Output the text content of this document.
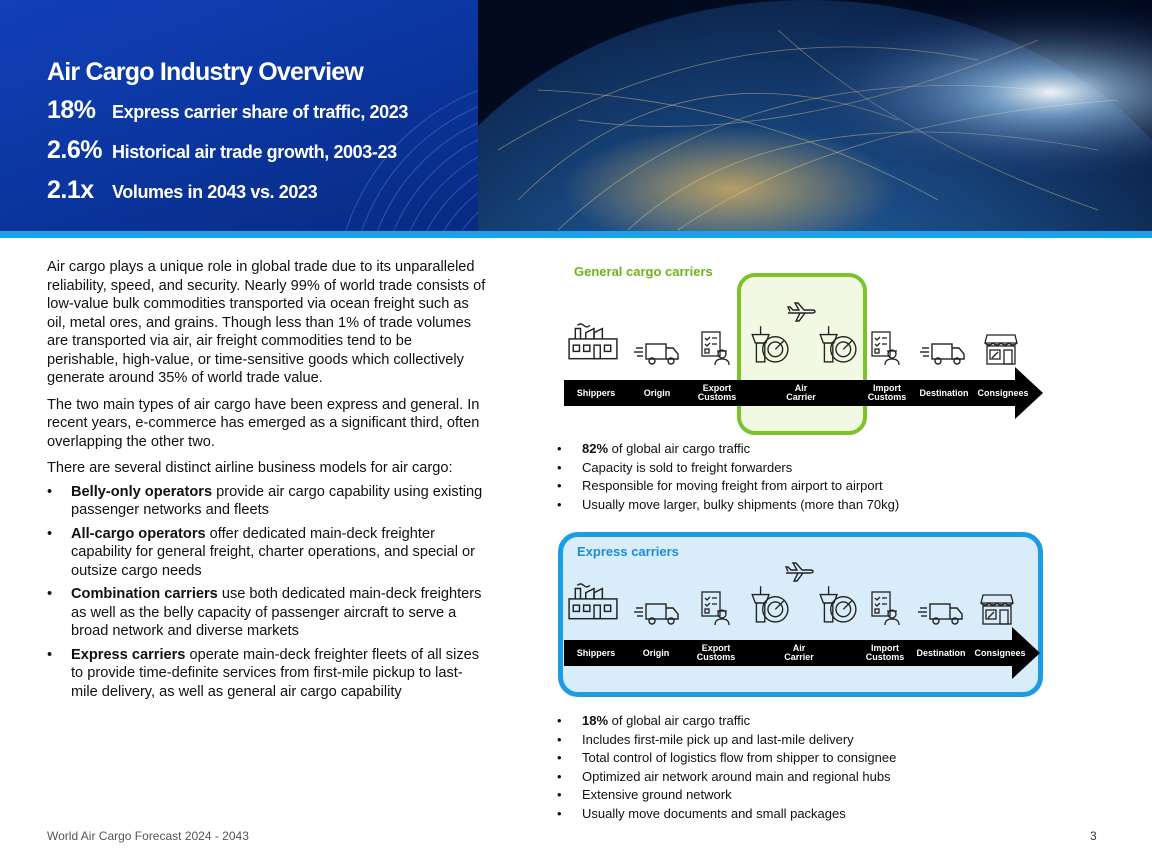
Air Cargo Industry Overview
18% Express carrier share of traffic, 2023
2.6% Historical air trade growth, 2003-23
2.1x	Volumes in 2043 vs. 2023

Air cargo plays a unique role in global trade due to its unparalleled reliability, speed, and security. Nearly 99% of world trade consists of low-value bulk commodities transported via ocean freight such as oil, metal ores, and grains. Though less than 1% of trade volumes are transported via air, air freight commodities tend to be perishable, high-value, or time-sensitive goods which collectively generate around 35% of world trade value.

The two main types of air cargo have been express and general. In recent years, e-commerce has emerged as a significant third, often overlapping the other two.

There are several distinct airline business models for air cargo:

• Belly-only operators provide air cargo capability using existing passenger networks and fleets
• All-cargo operators offer dedicated main-deck freighter capability for general freight, charter operations, and special or outsize cargo needs
• Combination carriers use both dedicated main-deck freighters as well as the belly capacity of passenger aircraft to serve a broad network and diverse markets
• Express carriers operate main-deck freighter fleets of all sizes to provide time-definite services from first-mile pickup to last-mile delivery, as well as general air cargo capability
General cargo carriers
Shippers	Origin	Export
Customs
Air
Carrier
Import
Customs Destination Consignees
• 82% of global air cargo traffic
• Capacity is sold to freight forwarders
• Responsible for moving freight from airport to airport
• Usually move larger, bulky shipments (more than 70kg)
Express carriers
Shippers	Origin	Export
Customs
Air
Carrier
Import
Customs Destination Consignees
• 18% of global air cargo traffic
• Includes first-mile pick up and last-mile delivery
• Total control of logistics flow from shipper to consignee
• Optimized air network around main and regional hubs
• Extensive ground network
• Usually move documents and small packages
World Air Cargo Forecast 2024 - 2043	3
